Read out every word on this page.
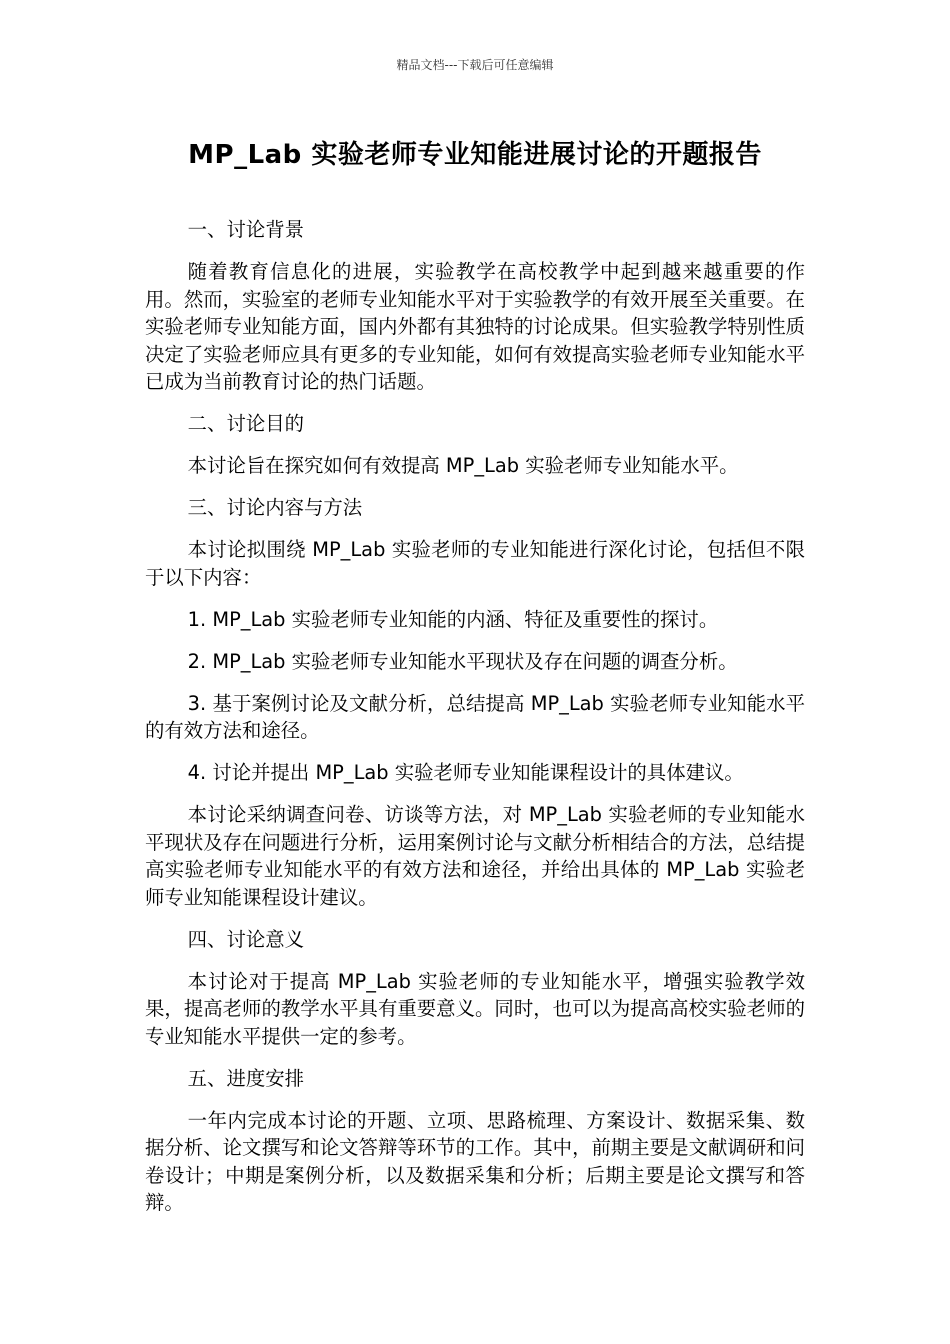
精品文档---下载后可任意编辑
MP_Lab 实验老师专业知能进展讨论的开题报告

一、讨论背景

随着教育信息化的进展，实验教学在高校教学中起到越来越重要的作用。然而，实验室的老师专业知能水平对于实验教学的有效开展至关重要。在实验老师专业知能方面，国内外都有其独特的讨论成果。但实验教学特别性质决定了实验老师应具有更多的专业知能，如何有效提高实验老师专业知能水平已成为当前教育讨论的热门话题。

二、讨论目的

本讨论旨在探究如何有效提高 MP_Lab 实验老师专业知能水平。

三、讨论内容与方法

本讨论拟围绕 MP_Lab 实验老师的专业知能进行深化讨论，包括但不限于以下内容：

1. MP_Lab 实验老师专业知能的内涵、特征及重要性的探讨。

2. MP_Lab 实验老师专业知能水平现状及存在问题的调查分析。

3. 基于案例讨论及文献分析，总结提高 MP_Lab 实验老师专业知能水平的有效方法和途径。

4. 讨论并提出 MP_Lab 实验老师专业知能课程设计的具体建议。

本讨论采纳调查问卷、访谈等方法，对 MP_Lab 实验老师的专业知能水平现状及存在问题进行分析，运用案例讨论与文献分析相结合的方法，总结提高实验老师专业知能水平的有效方法和途径，并给出具体的 MP_Lab 实验老师专业知能课程设计建议。

四、讨论意义

本讨论对于提高 MP_Lab 实验老师的专业知能水平，增强实验教学效果，提高老师的教学水平具有重要意义。同时，也可以为提高高校实验老师的专业知能水平提供一定的参考。

五、进度安排

一年内完成本讨论的开题、立项、思路梳理、方案设计、数据采集、数据分析、论文撰写和论文答辩等环节的工作。其中，前期主要是文献调研和问卷设计；中期是案例分析，以及数据采集和分析；后期主要是论文撰写和答辩。
